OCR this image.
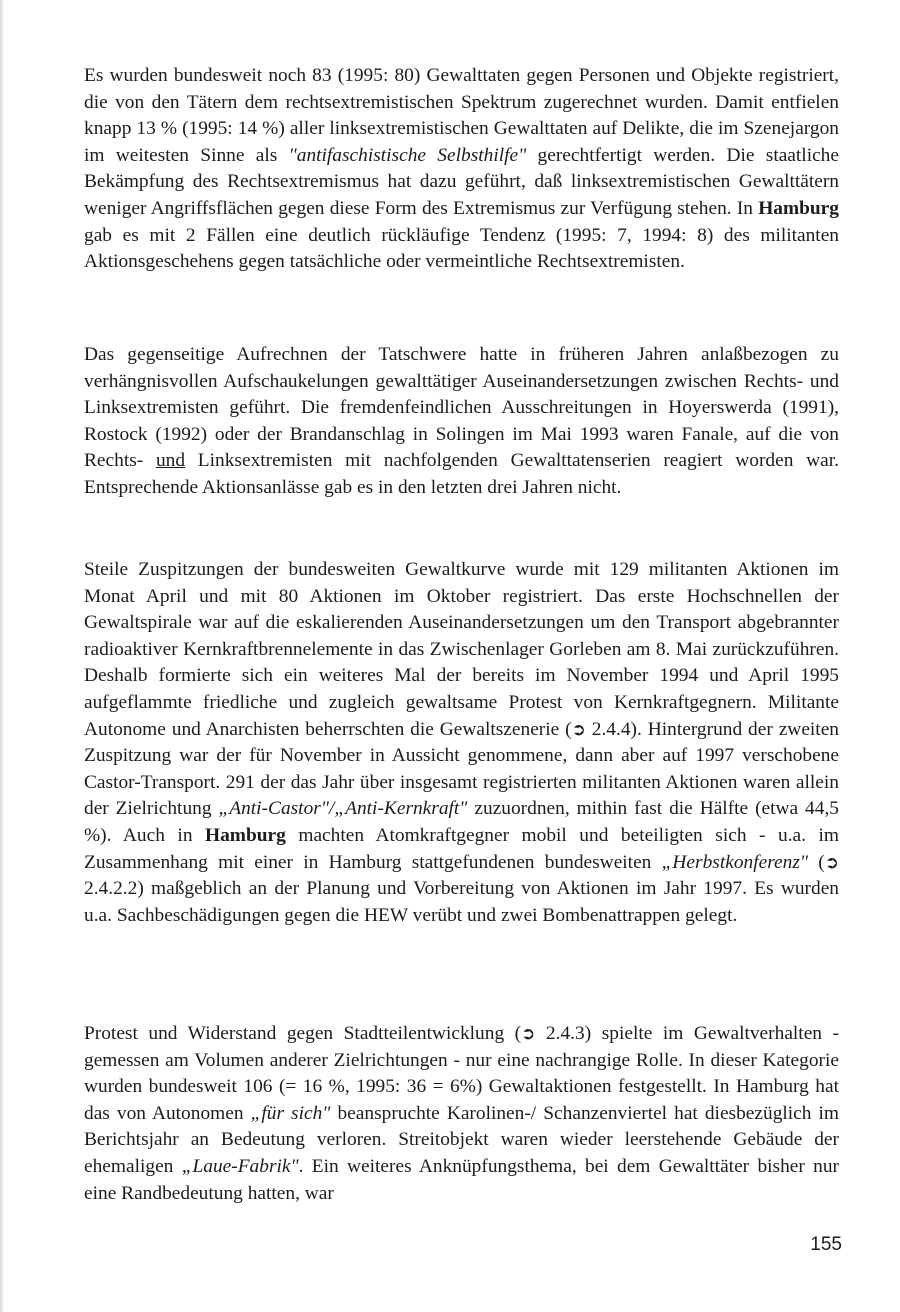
Es wurden bundesweit noch 83 (1995: 80) Gewalttaten gegen Personen und Objekte registriert, die von den Tätern dem rechtsextremistischen Spektrum zugerechnet wurden. Damit entfielen knapp 13 % (1995: 14 %) aller linksextremistischen Gewalttaten auf Delikte, die im Szenejargon im weitesten Sinne als "antifaschistische Selbsthilfe" gerechtfertigt werden. Die staatliche Bekämpfung des Rechtsextremismus hat dazu geführt, daß linksextremistischen Gewalttätern weniger Angriffsflächen gegen diese Form des Extremismus zur Verfügung stehen. In Hamburg gab es mit 2 Fällen eine deutlich rückläufige Tendenz (1995: 7, 1994: 8) des militanten Aktionsgeschehens gegen tatsächliche oder vermeintliche Rechtsextremisten.

Das gegenseitige Aufrechnen der Tatschwere hatte in früheren Jahren anlaßbezogen zu verhängnisvollen Aufschaukelungen gewalttätiger Auseinandersetzungen zwischen Rechts- und Linksextremisten geführt. Die fremdenfeindlichen Ausschreitungen in Hoyerswerda (1991), Rostock (1992) oder der Brandanschlag in Solingen im Mai 1993 waren Fanale, auf die von Rechts- und Linksextremisten mit nachfolgenden Gewalttatenserien reagiert worden war. Entsprechende Aktionsanlässe gab es in den letzten drei Jahren nicht.

Steile Zuspitzungen der bundesweiten Gewaltkurve wurde mit 129 militanten Aktionen im Monat April und mit 80 Aktionen im Oktober registriert. Das erste Hochschnellen der Gewaltspirale war auf die eskalierenden Auseinandersetzungen um den Transport abgebrannter radioaktiver Kernkraftbrennelemente in das Zwischenlager Gorleben am 8. Mai zurückzuführen. Deshalb formierte sich ein weiteres Mal der bereits im November 1994 und April 1995 aufgeflammte friedliche und zugleich gewaltsame Protest von Kernkraftgegnern. Militante Autonome und Anarchisten beherrschten die Gewaltszenerie (➲ 2.4.4). Hintergrund der zweiten Zuspitzung war der für November in Aussicht genommene, dann aber auf 1997 verschobene Castor-Transport. 291 der das Jahr über insgesamt registrierten militanten Aktionen waren allein der Zielrichtung „Anti-Castor"/„Anti-Kernkraft" zuzuordnen, mithin fast die Hälfte (etwa 44,5 %). Auch in Hamburg machten Atomkraftgegner mobil und beteiligten sich - u.a. im Zusammenhang mit einer in Hamburg stattgefundenen bundesweiten „Herbstkonferenz" (➲ 2.4.2.2) maßgeblich an der Planung und Vorbereitung von Aktionen im Jahr 1997. Es wurden u.a. Sachbeschädigungen gegen die HEW verübt und zwei Bombenattrappen gelegt.

Protest und Widerstand gegen Stadtteilentwicklung (➲ 2.4.3) spielte im Gewaltverhalten - gemessen am Volumen anderer Zielrichtungen - nur eine nachrangige Rolle. In dieser Kategorie wurden bundesweit 106 (= 16 %, 1995: 36 = 6%) Gewaltaktionen festgestellt. In Hamburg hat das von Autonomen „für sich" beanspruchte Karolinen-/ Schanzenviertel hat diesbezüglich im Berichtsjahr an Bedeutung verloren. Streitobjekt waren wieder leerstehende Gebäude der ehemaligen „Laue-Fabrik". Ein weiteres Anknüpfungsthema, bei dem Gewalttäter bisher nur eine Randbedeutung hatten, war

155
